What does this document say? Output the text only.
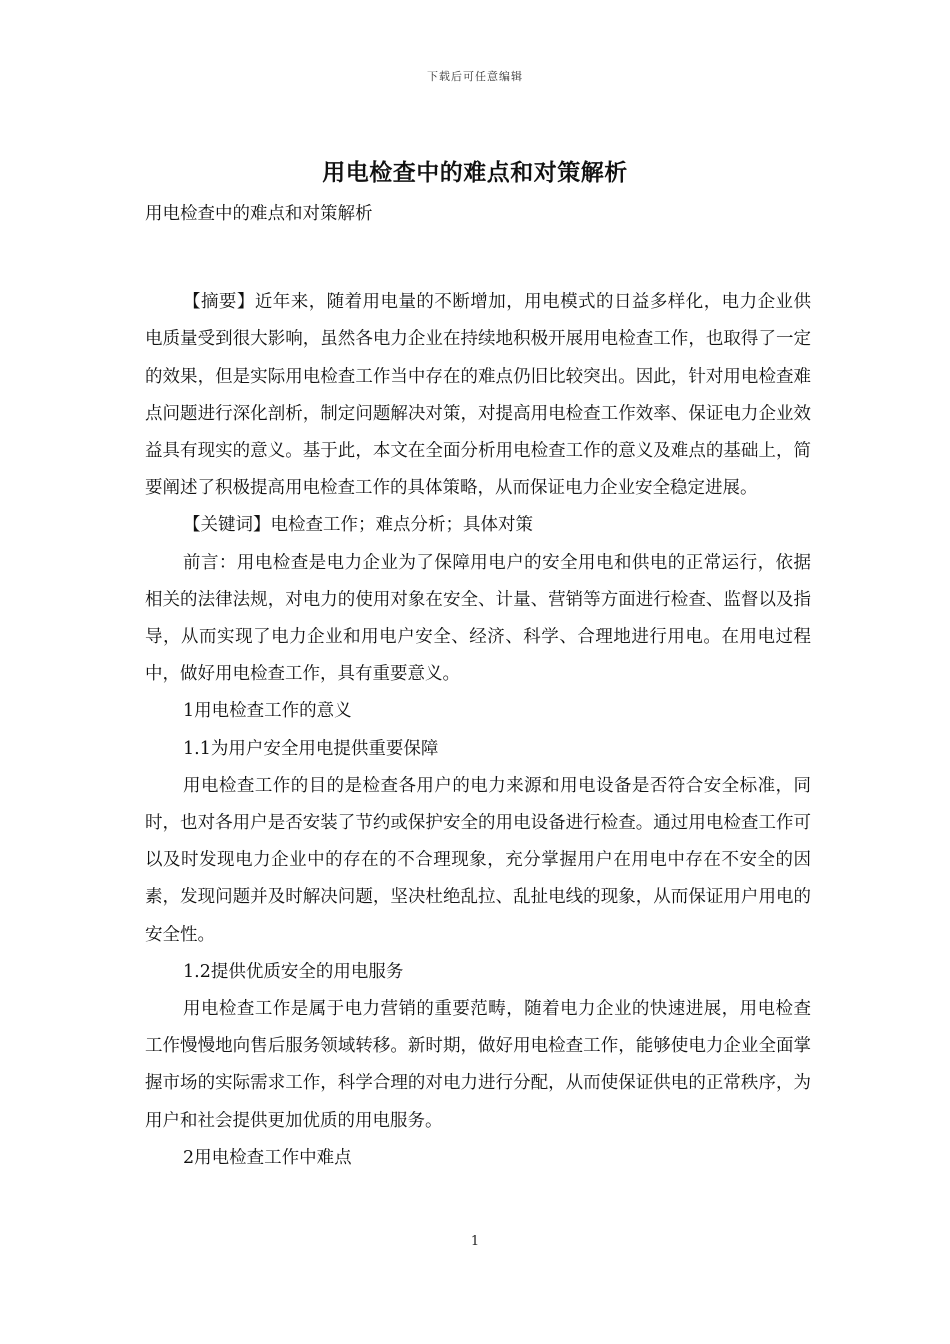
下载后可任意编辑
用电检查中的难点和对策解析

用电检查中的难点和对策解析

【摘要】近年来，随着用电量的不断增加，用电模式的日益多样化，电力企业供电质量受到很大影响，虽然各电力企业在持续地积极开展用电检查工作，也取得了一定的效果，但是实际用电检查工作当中存在的难点仍旧比较突出。因此，针对用电检查难点问题进行深化剖析，制定问题解决对策，对提高用电检查工作效率、保证电力企业效益具有现实的意义。基于此，本文在全面分析用电检查工作的意义及难点的基础上，简要阐述了积极提高用电检查工作的具体策略，从而保证电力企业安全稳定进展。

【关键词】电检查工作；难点分析；具体对策

前言：用电检查是电力企业为了保障用电户的安全用电和供电的正常运行，依据相关的法律法规，对电力的使用对象在安全、计量、营销等方面进行检查、监督以及指导，从而实现了电力企业和用电户安全、经济、科学、合理地进行用电。在用电过程中，做好用电检查工作，具有重要意义。

1用电检查工作的意义

1.1为用户安全用电提供重要保障

用电检查工作的目的是检查各用户的电力来源和用电设备是否符合安全标准，同时，也对各用户是否安装了节约或保护安全的用电设备进行检查。通过用电检查工作可以及时发现电力企业中的存在的不合理现象，充分掌握用户在用电中存在不安全的因素，发现问题并及时解决问题，坚决杜绝乱拉、乱扯电线的现象，从而保证用户用电的安全性。

1.2提供优质安全的用电服务

用电检查工作是属于电力营销的重要范畴，随着电力企业的快速进展，用电检查工作慢慢地向售后服务领域转移。新时期，做好用电检查工作，能够使电力企业全面掌握市场的实际需求工作，科学合理的对电力进行分配，从而使保证供电的正常秩序，为用户和社会提供更加优质的用电服务。

2用电检查工作中难点

1
